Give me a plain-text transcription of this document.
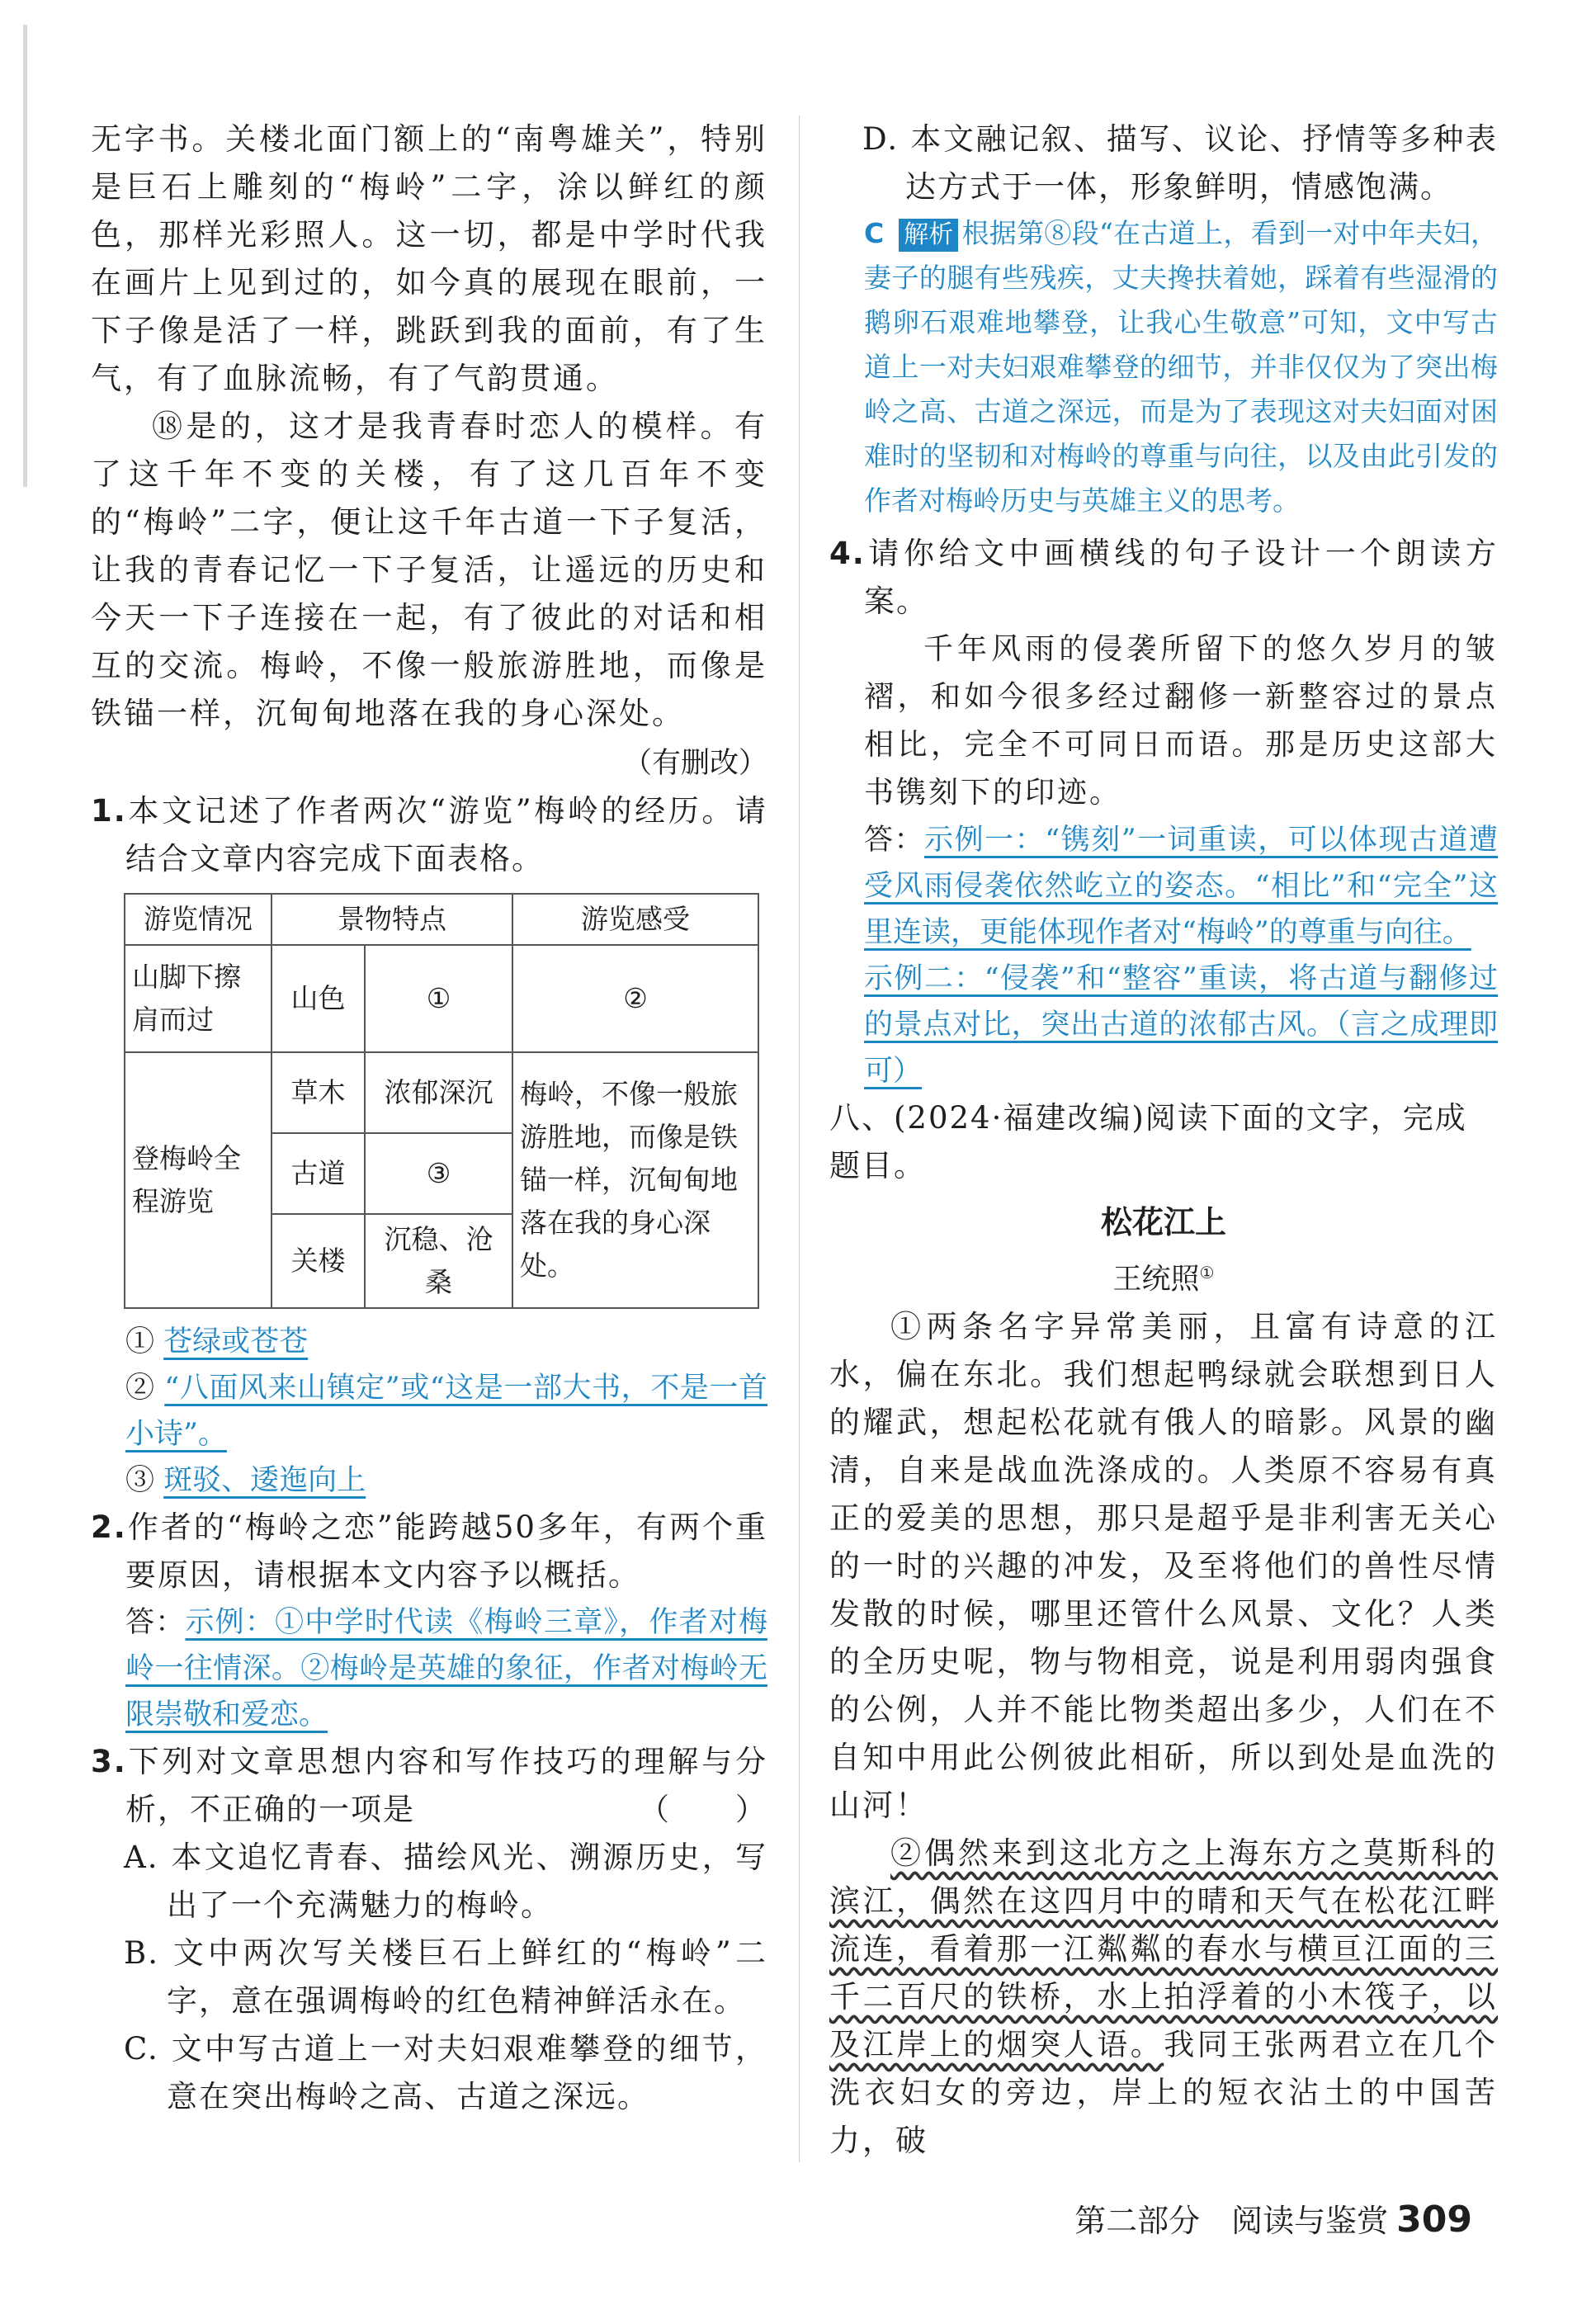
无字书。关楼北面门额上的“南粤雄关”，特别是巨石上雕刻的“梅岭”二字，涂以鲜红的颜色，那样光彩照人。这一切，都是中学时代我在画片上见到过的，如今真的展现在眼前，一下子像是活了一样，跳跃到我的面前，有了生气，有了血脉流畅，有了气韵贯通。

⑱是的，这才是我青春时恋人的模样。有了这千年不变的关楼，有了这几百年不变的“梅岭”二字，便让这千年古道一下子复活，让我的青春记忆一下子复活，让遥远的历史和今天一下子连接在一起，有了彼此的对话和相互的交流。梅岭，不像一般旅游胜地，而像是铁锚一样，沉甸甸地落在我的身心深处。

（有删改）

1.本文记述了作者两次“游览”梅岭的经历。请结合文章内容完成下面表格。

游览情况	景物特点		游览感受
山脚下擦肩而过	山色	①	②
登梅岭全程游览	草木	浓郁深沉	梅岭，不像一般旅游胜地，而像是铁锚一样，沉甸甸地落在我的身心深处。
	古道	③	
	关楼	沉稳、沧桑	

① 苍绿或苍苍

② “八面风来山镇定”或“这是一部大书，不是一首小诗”。

③ 斑驳、逶迤向上

2.作者的“梅岭之恋”能跨越50多年，有两个重要原因，请根据本文内容予以概括。

答：示例：①中学时代读《梅岭三章》，作者对梅岭一往情深。②梅岭是英雄的象征，作者对梅岭无限崇敬和爱恋。

3.下列对文章思想内容和写作技巧的理解与分析，不正确的一项是	（　　）

A. 本文追忆青春、描绘风光、溯源历史，写出了一个充满魅力的梅岭。

B. 文中两次写关楼巨石上鲜红的“梅岭”二字，意在强调梅岭的红色精神鲜活永在。

C. 文中写古道上一对夫妇艰难攀登的细节，意在突出梅岭之高、古道之深远。

D. 本文融记叙、描写、议论、抒情等多种表达方式于一体，形象鲜明，情感饱满。

C 解析 根据第⑧段“在古道上，看到一对中年夫妇，妻子的腿有些残疾，丈夫搀扶着她，踩着有些湿滑的鹅卵石艰难地攀登，让我心生敬意”可知，文中写古道上一对夫妇艰难攀登的细节，并非仅仅为了突出梅岭之高、古道之深远，而是为了表现这对夫妇面对困难时的坚韧和对梅岭的尊重与向往，以及由此引发的作者对梅岭历史与英雄主义的思考。

4.请你给文中画横线的句子设计一个朗读方案。

千年风雨的侵袭所留下的悠久岁月的皱褶，和如今很多经过翻修一新整容过的景点相比，完全不可同日而语。那是历史这部大书镌刻下的印迹。

答：示例一：“镌刻”一词重读，可以体现古道遭受风雨侵袭依然屹立的姿态。“相比”和“完全”这里连读，更能体现作者对“梅岭”的尊重与向往。

示例二：“侵袭”和“整容”重读，将古道与翻修过的景点对比，突出古道的浓郁古风。（言之成理即可）

八、(2024·福建改编)阅读下面的文字，完成题目。

松花江上

王统照①

①两条名字异常美丽，且富有诗意的江水，偏在东北。我们想起鸭绿就会联想到日人的耀武，想起松花就有俄人的暗影。风景的幽清，自来是战血洗涤成的。人类原不容易有真正的爱美的思想，那只是超乎是非利害无关心的一时的兴趣的冲发，及至将他们的兽性尽情发散的时候，哪里还管什么风景、文化？人类的全历史呢，物与物相竞，说是利用弱肉强食的公例，人并不能比物类超出多少，人们在不自知中用此公例彼此相斫，所以到处是血洗的山河！

②偶然来到这北方之上海东方之莫斯科的滨江，偶然在这四月中的晴和天气在松花江畔流连，看着那一江粼粼的春水与横亘江面的三千二百尺的铁桥，水上拍浮着的小木筏子，以及江岸上的烟突人语。我同王张两君立在几个洗衣妇女的旁边，岸上的短衣沾土的中国苦力，破

第二部分　阅读与鉴赏 309
